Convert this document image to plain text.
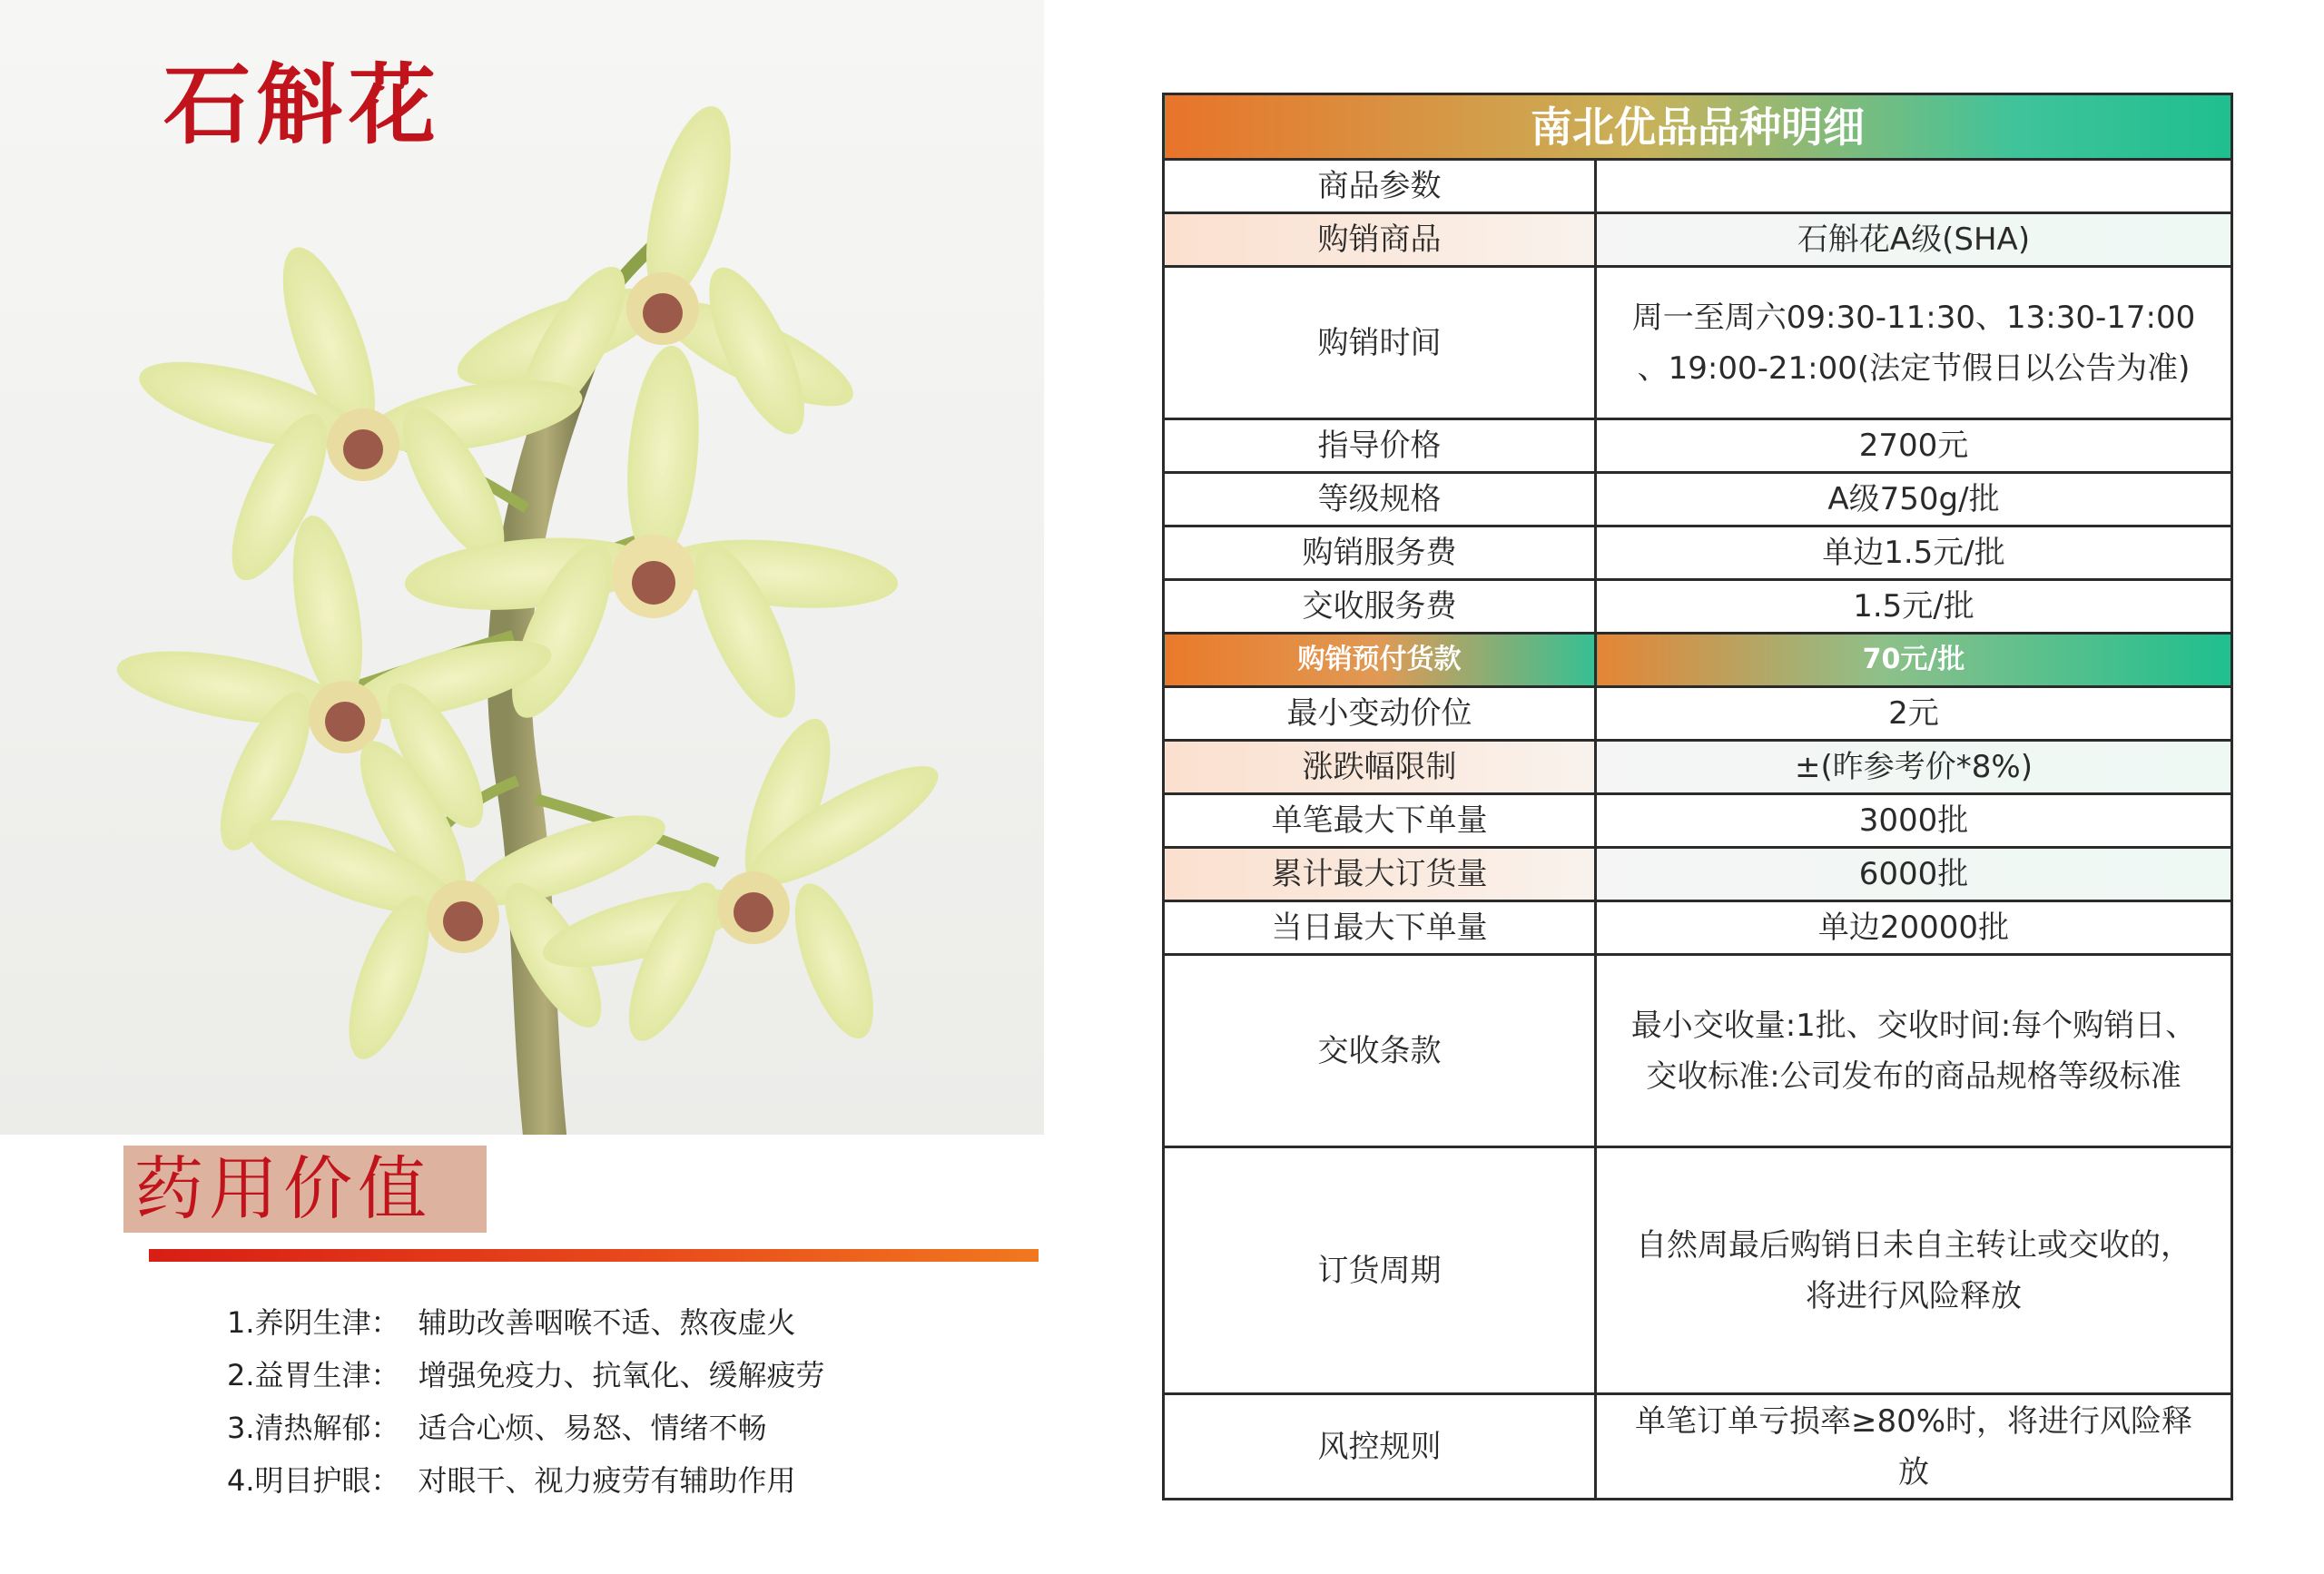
石斛花
药用价值
1.养阴生津： 辅助改善咽喉不适、熬夜虚火
2.益胃生津： 增强免疫力、抗氧化、缓解疲劳
3.清热解郁： 适合心烦、易怒、情绪不畅
4.明目护眼： 对眼干、视力疲劳有辅助作用
南北优品品种明细	
商品参数	
购销商品	石斛花A级(SHA)
购销时间	周一至周六09:30-11:30、13:30-17:00
、19:00-21:00(法定节假日以公告为准)

指导价格	2700元
等级规格	A级750g/批
购销服务费	单边1.5元/批
交收服务费	1.5元/批
购销预付货款	70元/批
最小变动价位	2元
涨跌幅限制	±(昨参考价*8%)
单笔最大下单量	3000批
累计最大订货量	6000批
当日最大下单量	单边20000批
交收条款	最小交收量:1批、交收时间:每个购销日、
交收标准:公司发布的商品规格等级标准

订货周期	自然周最后购销日未自主转让或交收的，
将进行风险释放

风控规则	单笔订单亏损率≥80%时，将进行风险释
放
